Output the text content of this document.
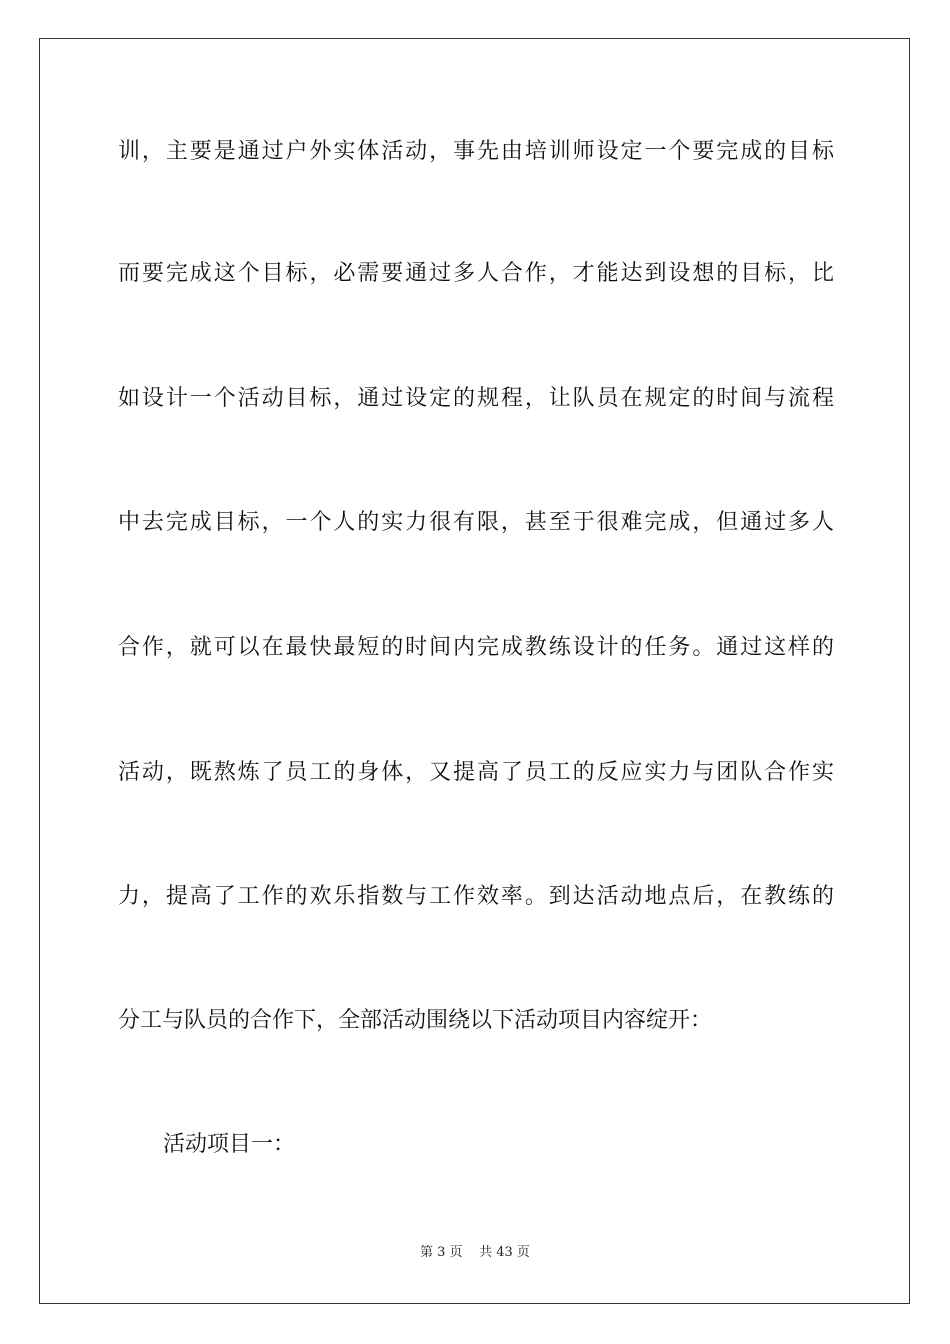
训，主要是通过户外实体活动，事先由培训师设定一个要完成的目标
而要完成这个目标，必需要通过多人合作，才能达到设想的目标，比
如设计一个活动目标，通过设定的规程，让队员在规定的时间与流程
中去完成目标，一个人的实力很有限，甚至于很难完成，但通过多人
合作，就可以在最快最短的时间内完成教练设计的任务。通过这样的
活动，既熬炼了员工的身体，又提高了员工的反应实力与团队合作实
力，提高了工作的欢乐指数与工作效率。到达活动地点后，在教练的
分工与队员的合作下，全部活动围绕以下活动项目内容绽开：
活动项目一：
第 3 页 共 43 页
